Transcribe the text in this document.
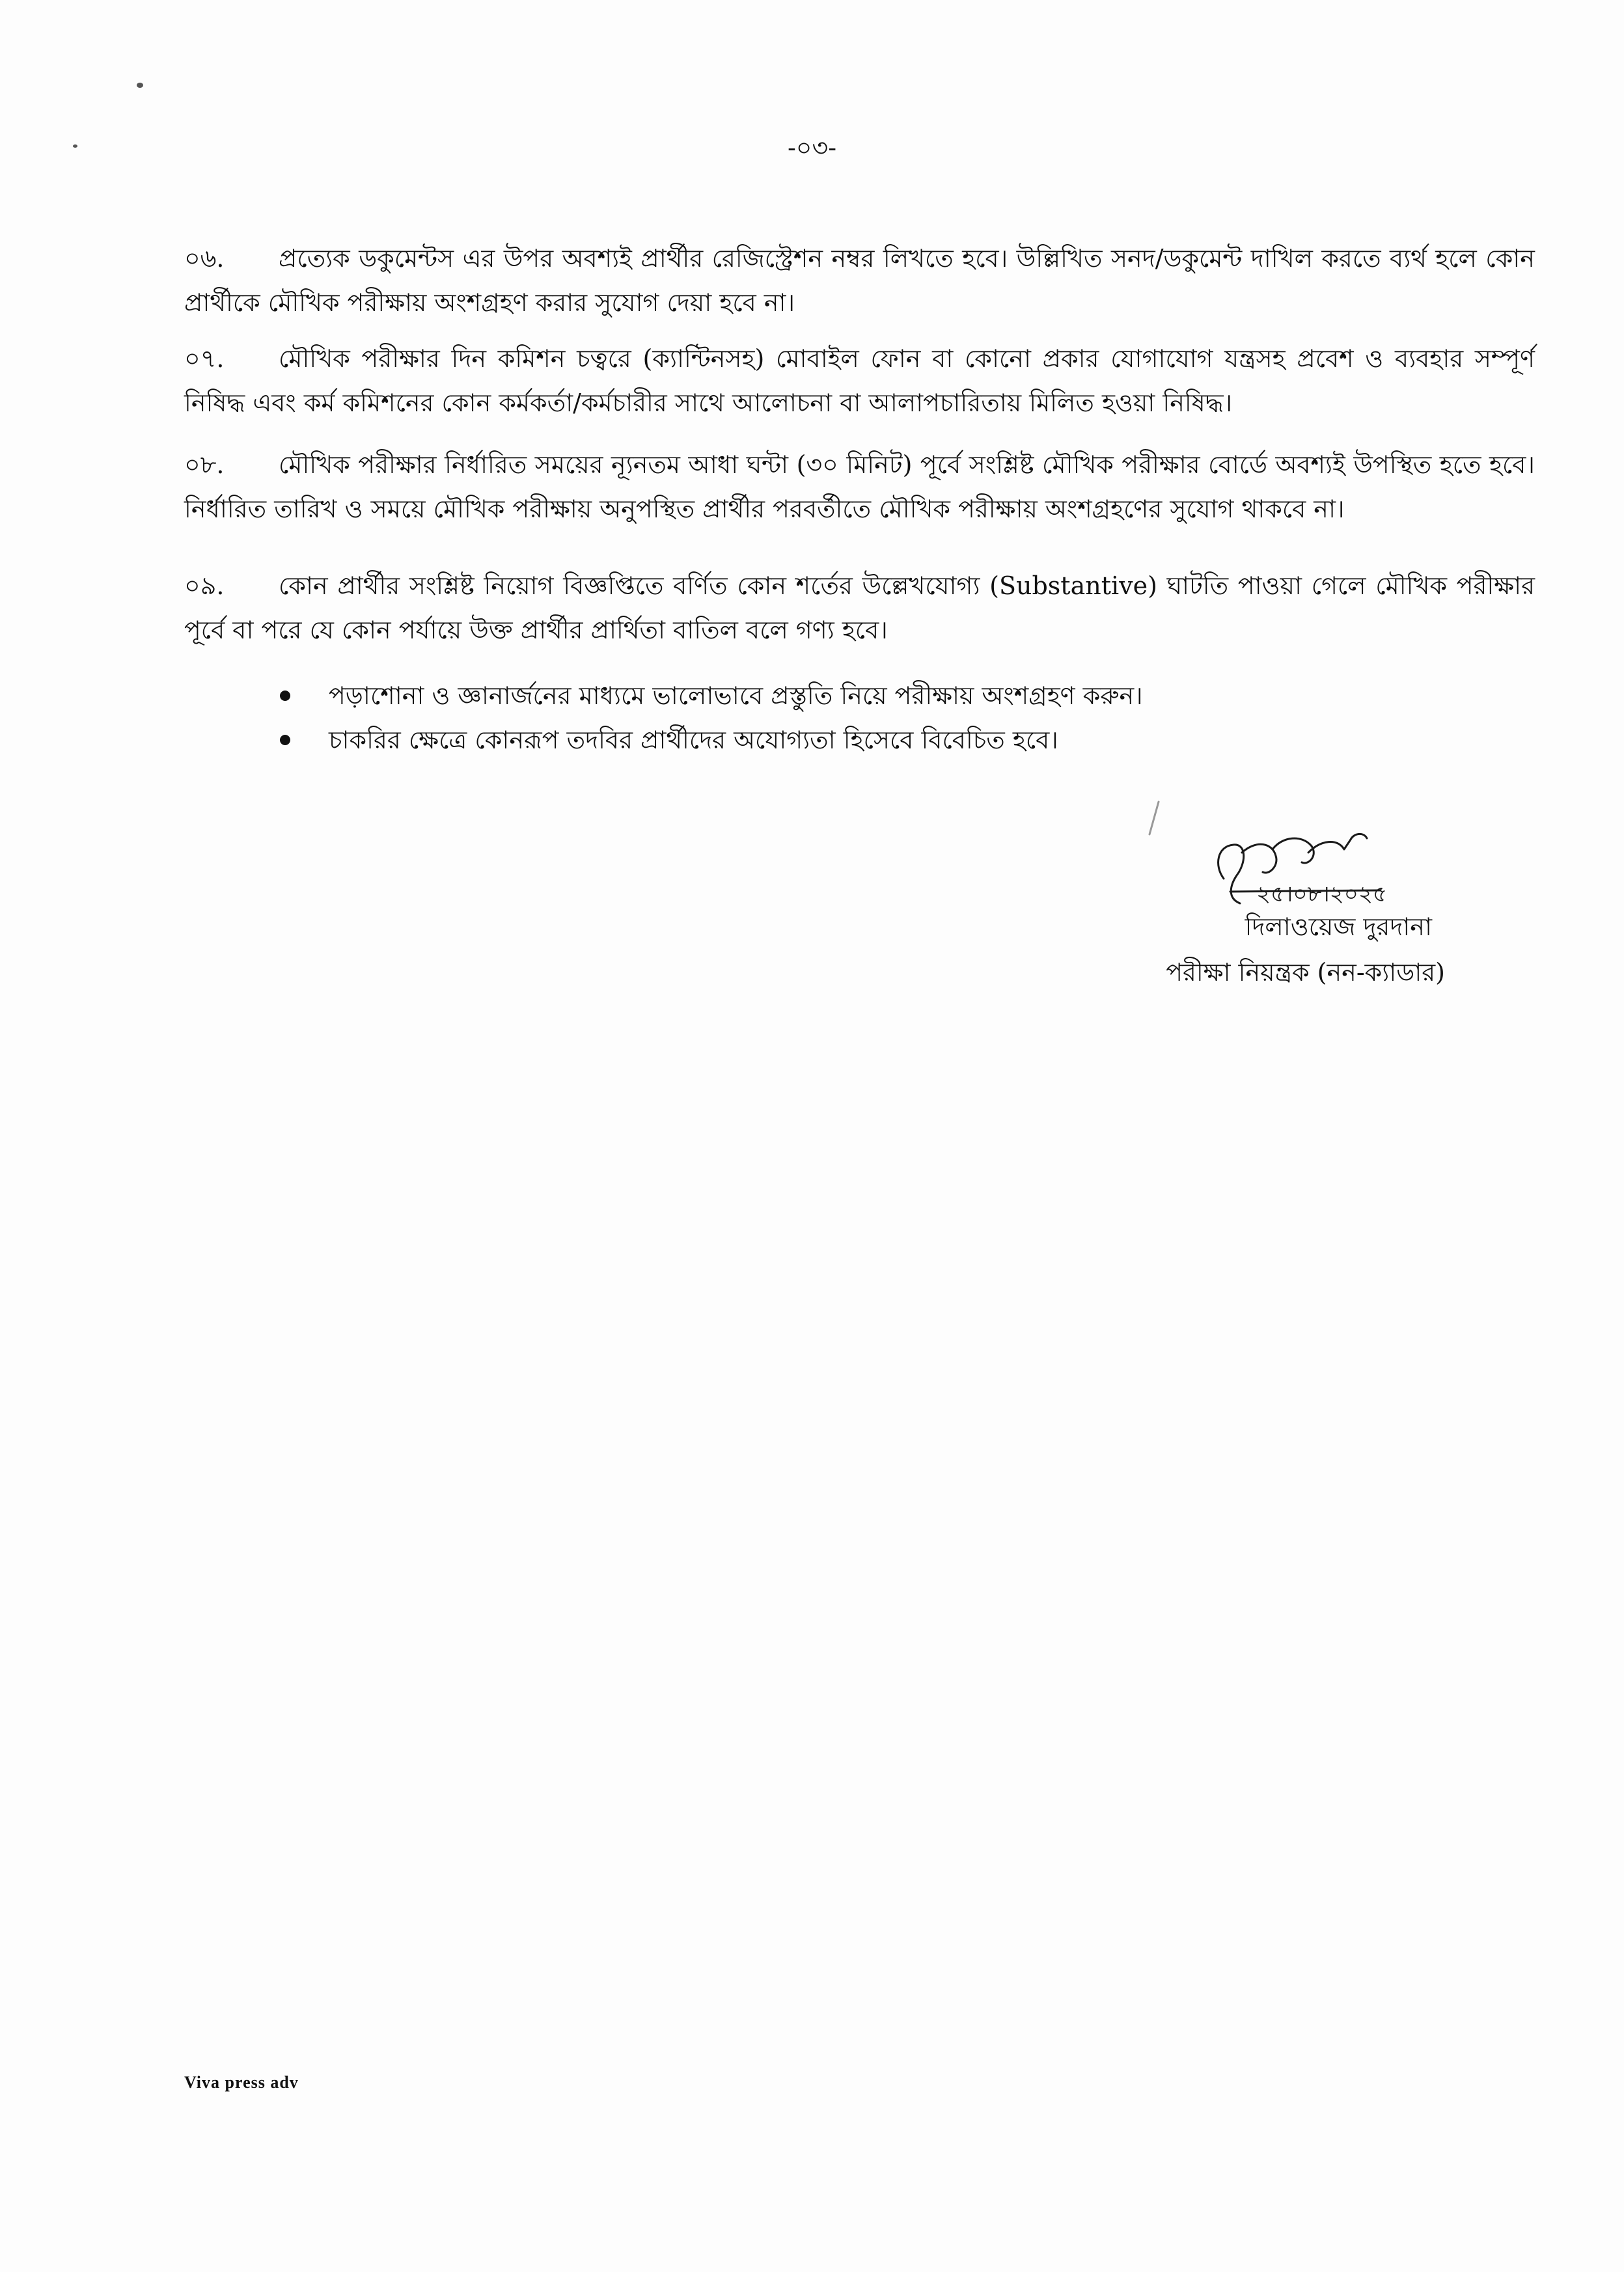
-০৩-
০৬. প্রত্যেক ডকুমেন্টস এর উপর অবশ্যই প্রার্থীর রেজিস্ট্রেশন নম্বর লিখতে হবে। উল্লিখিত সনদ/ডকুমেন্ট দাখিল করতে ব্যর্থ হলে কোন প্রার্থীকে মৌখিক পরীক্ষায় অংশগ্রহণ করার সুযোগ দেয়া হবে না।
০৭. মৌখিক পরীক্ষার দিন কমিশন চত্বরে (ক্যান্টিনসহ) মোবাইল ফোন বা কোনো প্রকার যোগাযোগ যন্ত্রসহ প্রবেশ ও ব্যবহার সম্পূর্ণ নিষিদ্ধ এবং কর্ম কমিশনের কোন কর্মকর্তা/কর্মচারীর সাথে আলোচনা বা আলাপচারিতায় মিলিত হওয়া নিষিদ্ধ।
০৮. মৌখিক পরীক্ষার নির্ধারিত সময়ের ন্যূনতম আধা ঘন্টা (৩০ মিনিট) পূর্বে সংশ্লিষ্ট মৌখিক পরীক্ষার বোর্ডে অবশ্যই উপস্থিত হতে হবে। নির্ধারিত তারিখ ও সময়ে মৌখিক পরীক্ষায় অনুপস্থিত প্রার্থীর পরবর্তীতে মৌখিক পরীক্ষায় অংশগ্রহণের সুযোগ থাকবে না।
০৯. কোন প্রার্থীর সংশ্লিষ্ট নিয়োগ বিজ্ঞপ্তিতে বর্ণিত কোন শর্তের উল্লেখযোগ্য (Substantive) ঘাটতি পাওয়া গেলে মৌখিক পরীক্ষার পূর্বে বা পরে যে কোন পর্যায়ে উক্ত প্রার্থীর প্রার্থিতা বাতিল বলে গণ্য হবে।
পড়াশোনা ও জ্ঞানার্জনের মাধ্যমে ভালোভাবে প্রস্তুতি নিয়ে পরীক্ষায় অংশগ্রহণ করুন।
চাকরির ক্ষেত্রে কোনরূপ তদবির প্রার্থীদের অযোগ্যতা হিসেবে বিবেচিত হবে।
২৫।০৮।২০২৫
দিলাওয়েজ দুরদানা
পরীক্ষা নিয়ন্ত্রক (নন-ক্যাডার)
Viva press adv
